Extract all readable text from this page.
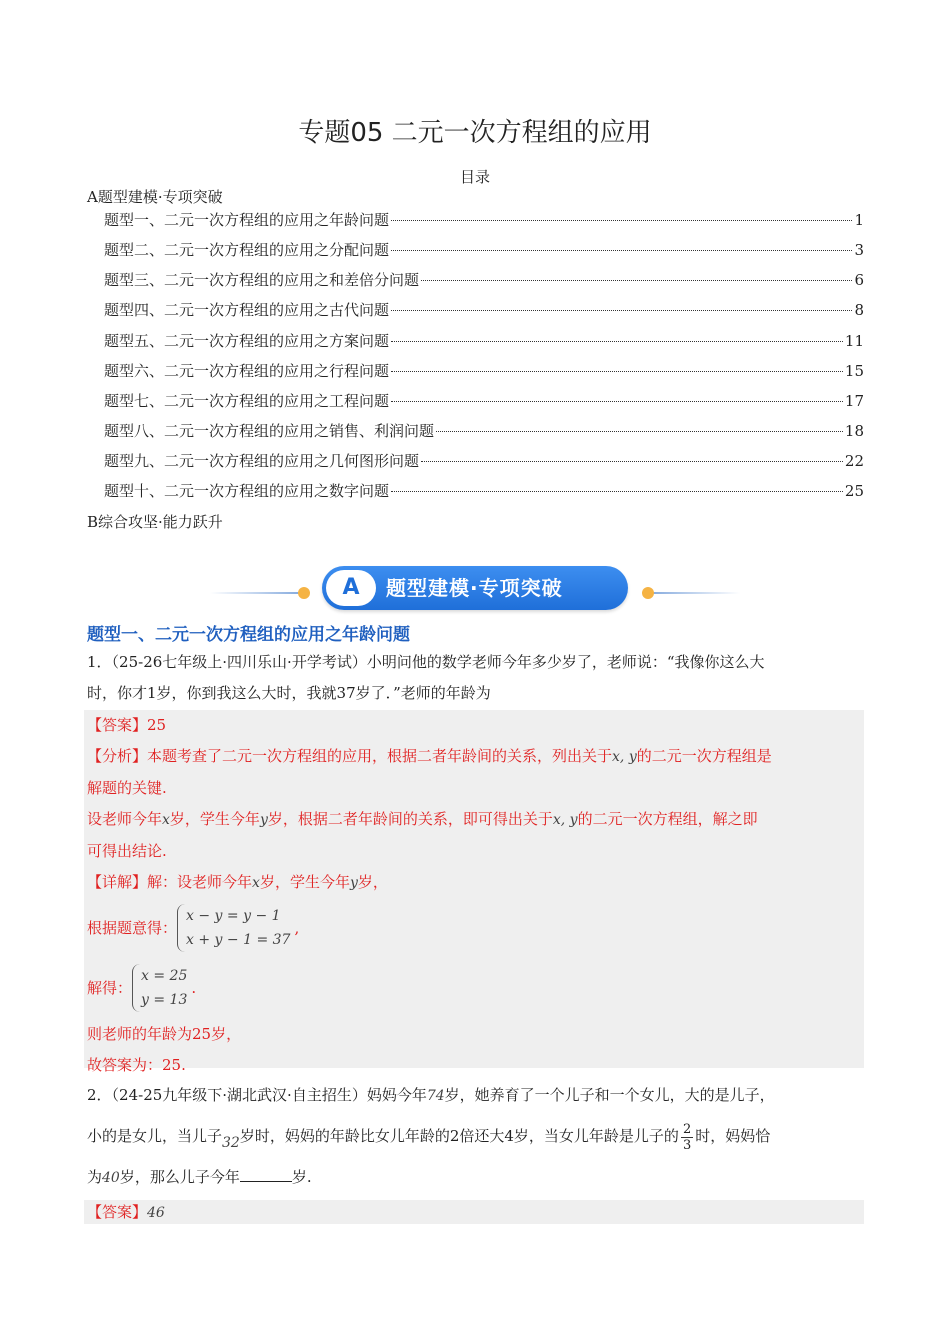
专题05 二元一次方程组的应用
目录
A题型建模·专项突破
题型一、二元一次方程组的应用之年龄问题	1
题型二、二元一次方程组的应用之分配问题	3
题型三、二元一次方程组的应用之和差倍分问题	6
题型四、二元一次方程组的应用之古代问题	8
题型五、二元一次方程组的应用之方案问题	11
题型六、二元一次方程组的应用之行程问题	15
题型七、二元一次方程组的应用之工程问题	17
题型八、二元一次方程组的应用之销售、利润问题	18
题型九、二元一次方程组的应用之几何图形问题	22
题型十、二元一次方程组的应用之数字问题	25
B综合攻坚·能力跃升
A	题型建模·专项突破
题型一、二元一次方程组的应用之年龄问题
1．（25-26七年级上·四川乐山·开学考试）小明问他的数学老师今年多少岁了，老师说：“我像你这么大
时，你才1岁，你到我这么大时，我就37岁了．”老师的年龄为
【答案】25
【分析】本题考查了二元一次方程组的应用，根据二者年龄间的关系，列出关于x, y的二元一次方程组是
解题的关键.
设老师今年x岁，学生今年y岁，根据二者年龄间的关系，即可得出关于x, y的二元一次方程组，解之即
可得出结论.
【详解】解：设老师今年x岁，学生今年y岁，
根据题意得：
x − y = y − 1
x + y − 1 = 37
,
解得：
x = 25
y = 13
.
则老师的年龄为25岁，
故答案为：25.
2．（24-25九年级下·湖北武汉·自主招生）妈妈今年74岁，她养育了一个儿子和一个女儿，大的是儿子，
小的是女儿，当儿子32岁时，妈妈的年龄比女儿年龄的2倍还大4岁，当女儿年龄是儿子的 $\frac{2}{3}$ 时，妈妈恰
为40岁，那么儿子今年	岁.
【答案】46
